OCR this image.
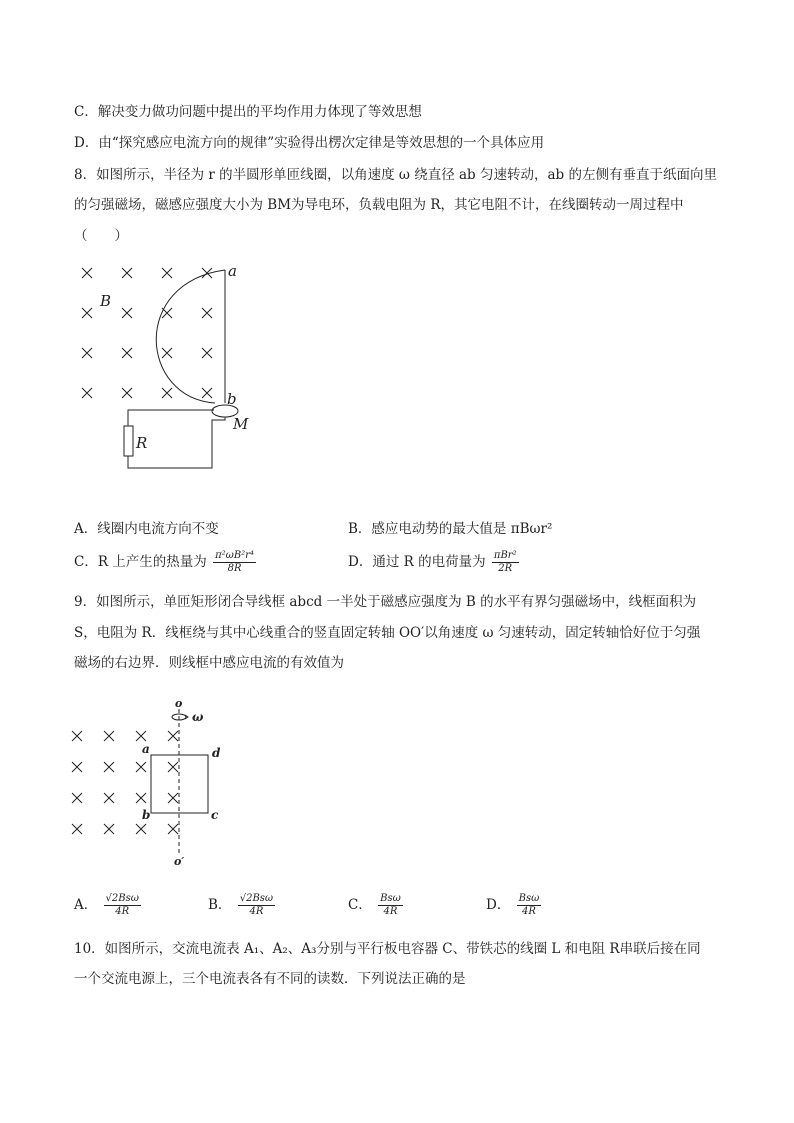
C．解决变力做功问题中提出的平均作用力体现了等效思想
D．由“探究感应电流方向的规律”实验得出楞次定律是等效思想的一个具体应用
8．如图所示，半径为 r 的半圆形单匝线圈，以角速度 ω 绕直径 ab 匀速转动，ab 的左侧有垂直于纸面向里
的匀强磁场，磁感应强度大小为 BM为导电环，负载电阻为 R，其它电阻不计，在线圈转动一周过程中
（　　）
a
B
b
M
R
A．线圈内电流方向不变	B．感应电动势的最大值是 πBωr²
C．R 上产生的热量为 $\frac{\text{π²ωB²r⁴}}{8R}$	D．通过 R 的电荷量为 $\frac{\text{πBr²}}{2R}$
9．如图所示，单匝矩形闭合导线框 abcd 一半处于磁感应强度为 B 的水平有界匀强磁场中，线框面积为
S，电阻为 R．线框绕与其中心线重合的竖直固定转轴 OO′以角速度 ω 匀速转动，固定转轴恰好位于匀强
磁场的右边界．则线框中感应电流的有效值为
o
ω
a	d
b	c
o′
A． $\frac{\text{√2Bsω}}{4R}$	B． $\frac{\text{√2Bsω}}{4R}$	C． $\frac{\text{Bsω}}{4R}$	D． $\frac{\text{Bsω}}{4R}$
10．如图所示，交流电流表 A₁、A₂、A₃分别与平行板电容器 C、带铁芯的线圈 L 和电阻 R串联后接在同
一个交流电源上，三个电流表各有不同的读数．下列说法正确的是
